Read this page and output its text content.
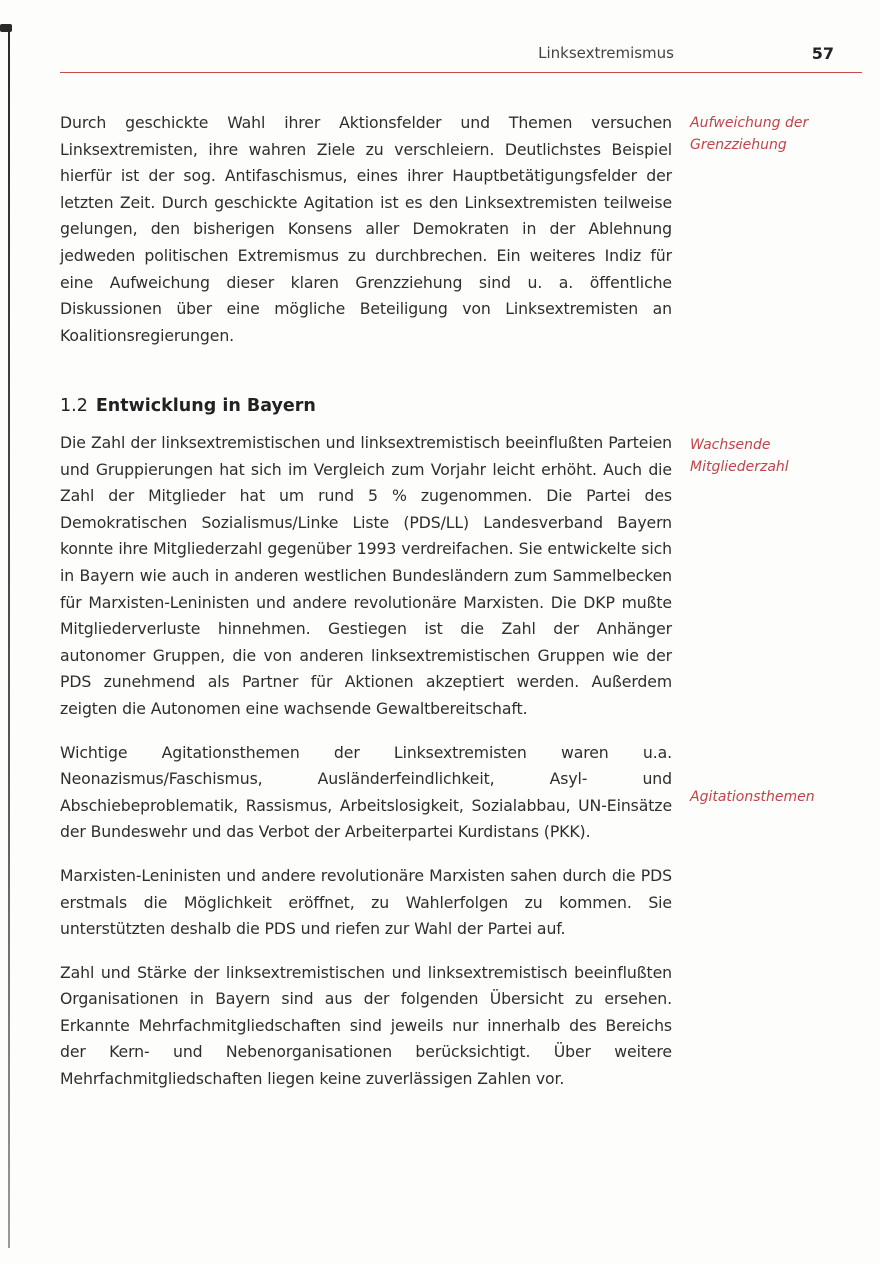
Linksextremismus	57

Durch geschickte Wahl ihrer Aktionsfelder und Themen versuchen Linksextremisten, ihre wahren Ziele zu verschleiern. Deutlichstes Beispiel hierfür ist der sog. Antifaschismus, eines ihrer Hauptbetätigungsfelder der letzten Zeit. Durch geschickte Agitation ist es den Linksextremisten teilweise gelungen, den bisherigen Konsens aller Demokraten in der Ablehnung jedweden politischen Extremismus zu durchbrechen. Ein weiteres Indiz für eine Aufweichung dieser klaren Grenzziehung sind u. a. öffentliche Diskussionen über eine mögliche Beteiligung von Linksextremisten an Koalitionsregierungen.

Aufweichung der
Grenzziehung
1.2 Entwicklung in Bayern

Die Zahl der linksextremistischen und linksextremistisch beeinflußten Parteien und Gruppierungen hat sich im Vergleich zum Vorjahr leicht erhöht. Auch die Zahl der Mitglieder hat um rund 5 % zugenommen. Die Partei des Demokratischen Sozialismus/Linke Liste (PDS/LL) Landesverband Bayern konnte ihre Mitgliederzahl gegenüber 1993 verdreifachen. Sie entwickelte sich in Bayern wie auch in anderen westlichen Bundesländern zum Sammelbecken für Marxisten-Leninisten und andere revolutionäre Marxisten. Die DKP mußte Mitgliederverluste hinnehmen. Gestiegen ist die Zahl der Anhänger autonomer Gruppen, die von anderen linksextremistischen Gruppen wie der PDS zunehmend als Partner für Aktionen akzeptiert werden. Außerdem zeigten die Autonomen eine wachsende Gewaltbereitschaft.

Wichtige Agitationsthemen der Linksextremisten waren u.a. Neonazismus/Faschismus, Ausländerfeindlichkeit, Asyl- und Abschiebeproblematik, Rassismus, Arbeitslosigkeit, Sozialabbau, UN-Einsätze der Bundeswehr und das Verbot der Arbeiterpartei Kurdistans (PKK).

Marxisten-Leninisten und andere revolutionäre Marxisten sahen durch die PDS erstmals die Möglichkeit eröffnet, zu Wahlerfolgen zu kommen. Sie unterstützten deshalb die PDS und riefen zur Wahl der Partei auf.

Zahl und Stärke der linksextremistischen und linksextremistisch beeinflußten Organisationen in Bayern sind aus der folgenden Übersicht zu ersehen. Erkannte Mehrfachmitgliedschaften sind jeweils nur innerhalb des Bereichs der Kern- und Nebenorganisationen berücksichtigt. Über weitere Mehrfachmitgliedschaften liegen keine zuverlässigen Zahlen vor.

Wachsende
Mitgliederzahl
Agitationsthemen
